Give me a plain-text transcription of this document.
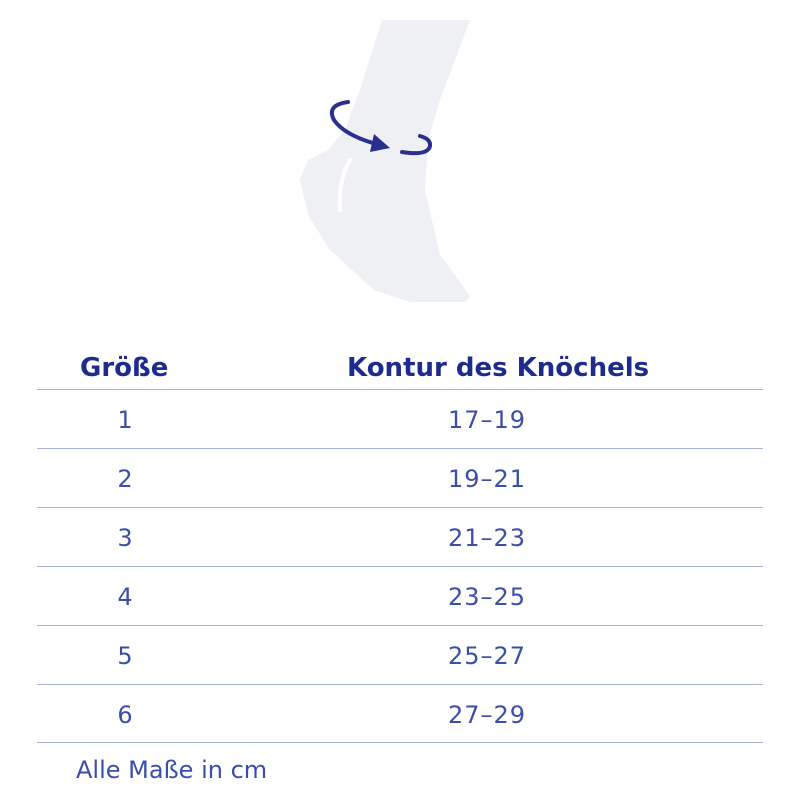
Größe	Kontur des Knöchels
1	17–19
2	19–21
3	21–23
4	23–25
5	25–27
6	27–29
Alle Maße in cm
